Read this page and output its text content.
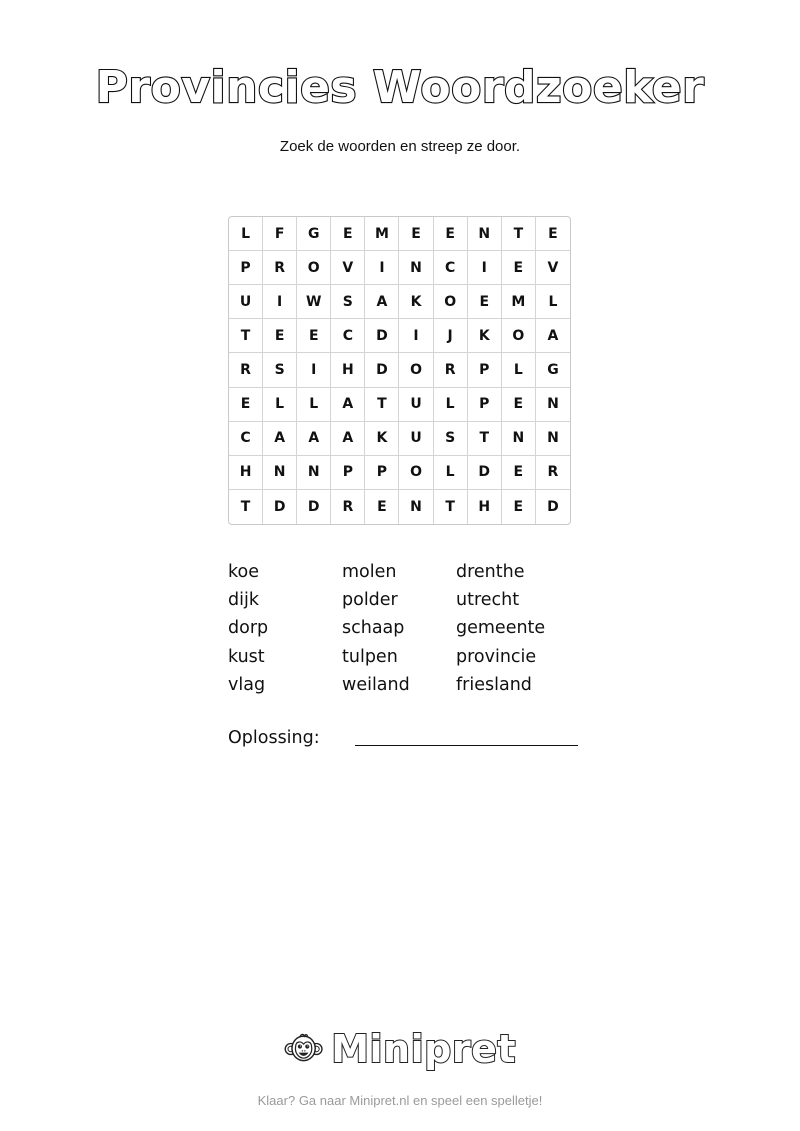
Provincies Woordzoeker
Zoek de woorden en streep ze door.
L	F	G	E	M	E	E	N	T	E
P	R	O	V	I	N	C	I	E	V
U	I	W	S	A	K	O	E	M	L
T	E	E	C	D	I	J	K	O	A
R	S	I	H	D	O	R	P	L	G
E	L	L	A	T	U	L	P	E	N
C	A	A	A	K	U	S	T	N	N
H	N	N	P	P	O	L	D	E	R
T	D	D	R	E	N	T	H	E	D
koe	molen	drenthe
dijk	polder	utrecht
dorp	schaap	gemeente
kust	tulpen	provincie
vlag	weiland	friesland
Oplossing:
Minipret
Klaar? Ga naar Minipret.nl en speel een spelletje!
